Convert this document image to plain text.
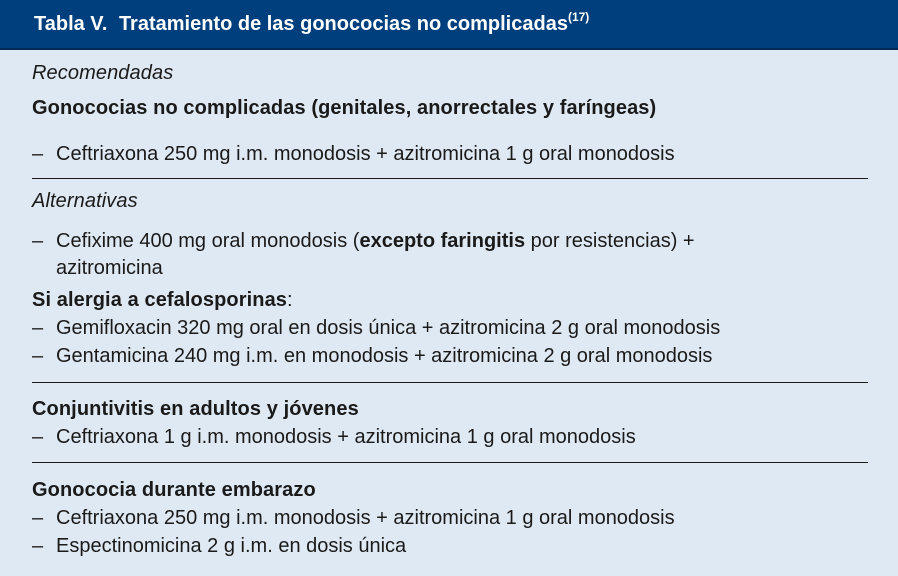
Tabla V. Tratamiento de las gonococias no complicadas$^{(17)}$
Recomendadas
Gonococias no complicadas (genitales, anorrectales y faríngeas)
– Ceftriaxona 250 mg i.m. monodosis + azitromicina 1 g oral monodosis
Alternativas
– Cefixime 400 mg oral monodosis (excepto faringitis por resistencias) +
azitromicina
Si alergia a cefalosporinas:
– Gemifloxacin 320 mg oral en dosis única + azitromicina 2 g oral monodosis
– Gentamicina 240 mg i.m. en monodosis + azitromicina 2 g oral monodosis
Conjuntivitis en adultos y jóvenes
– Ceftriaxona 1 g i.m. monodosis + azitromicina 1 g oral monodosis
Gonococia durante embarazo
– Ceftriaxona 250 mg i.m. monodosis + azitromicina 1 g oral monodosis
– Espectinomicina 2 g i.m. en dosis única
